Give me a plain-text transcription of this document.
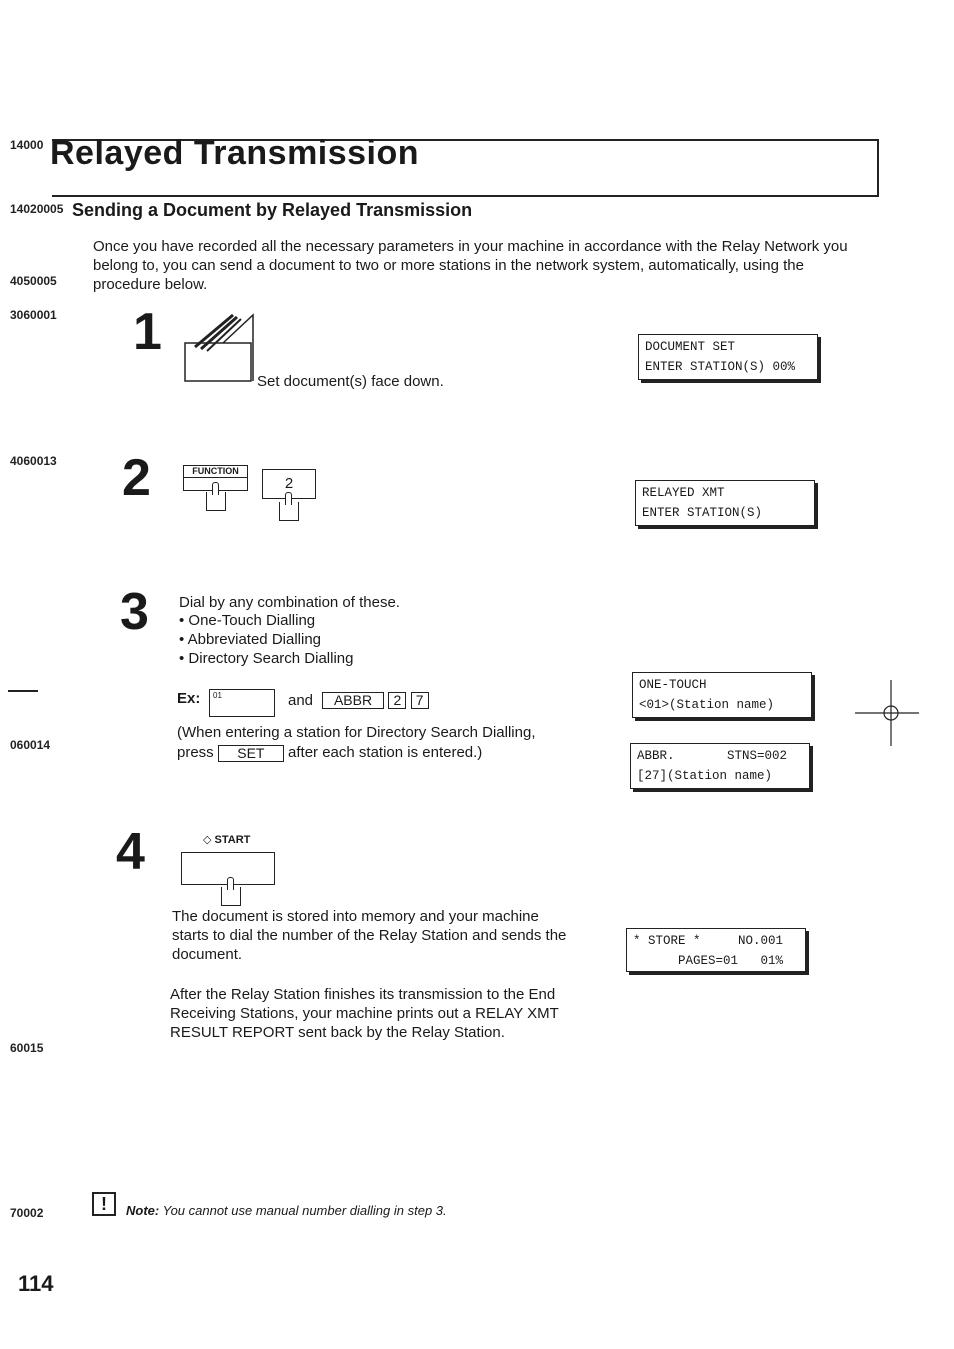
14000
14020005
4050005
3060001
4060013
060014
60015
70002
Relayed Transmission
Sending a Document by Relayed Transmission
Once you have recorded all the necessary parameters in your machine in accordance with the Relay Network you belong to, you can send a document to two or more stations in the network system, automatically, using the procedure below.
1
Set document(s) face down.
DOCUMENT SET
ENTER STATION(S) 00%
2	FUNCTION
2
RELAYED XMT
ENTER STATION(S)
3 Dial by any combination of these.
• One-Touch Dialling
• Abbreviated Dialling
• Directory Search Dialling
Ex:	01	and	ABBR 2 7
(When entering a station for Directory Search Dialling,
press SET after each station is entered.)
ONE-TOUCH
<01>(Station name)
ABBR.       STNS=002
[27](Station name)
4	◇ START
The document is stored into memory and your machine starts to dial the number of the Relay Station and sends the document.
After the Relay Station finishes its transmission to the End Receiving Stations, your machine prints out a RELAY XMT RESULT REPORT sent back by the Relay Station.
* STORE *     NO.001
PAGES=01   01%
!	Note: You cannot use manual number dialling in step 3.
114
